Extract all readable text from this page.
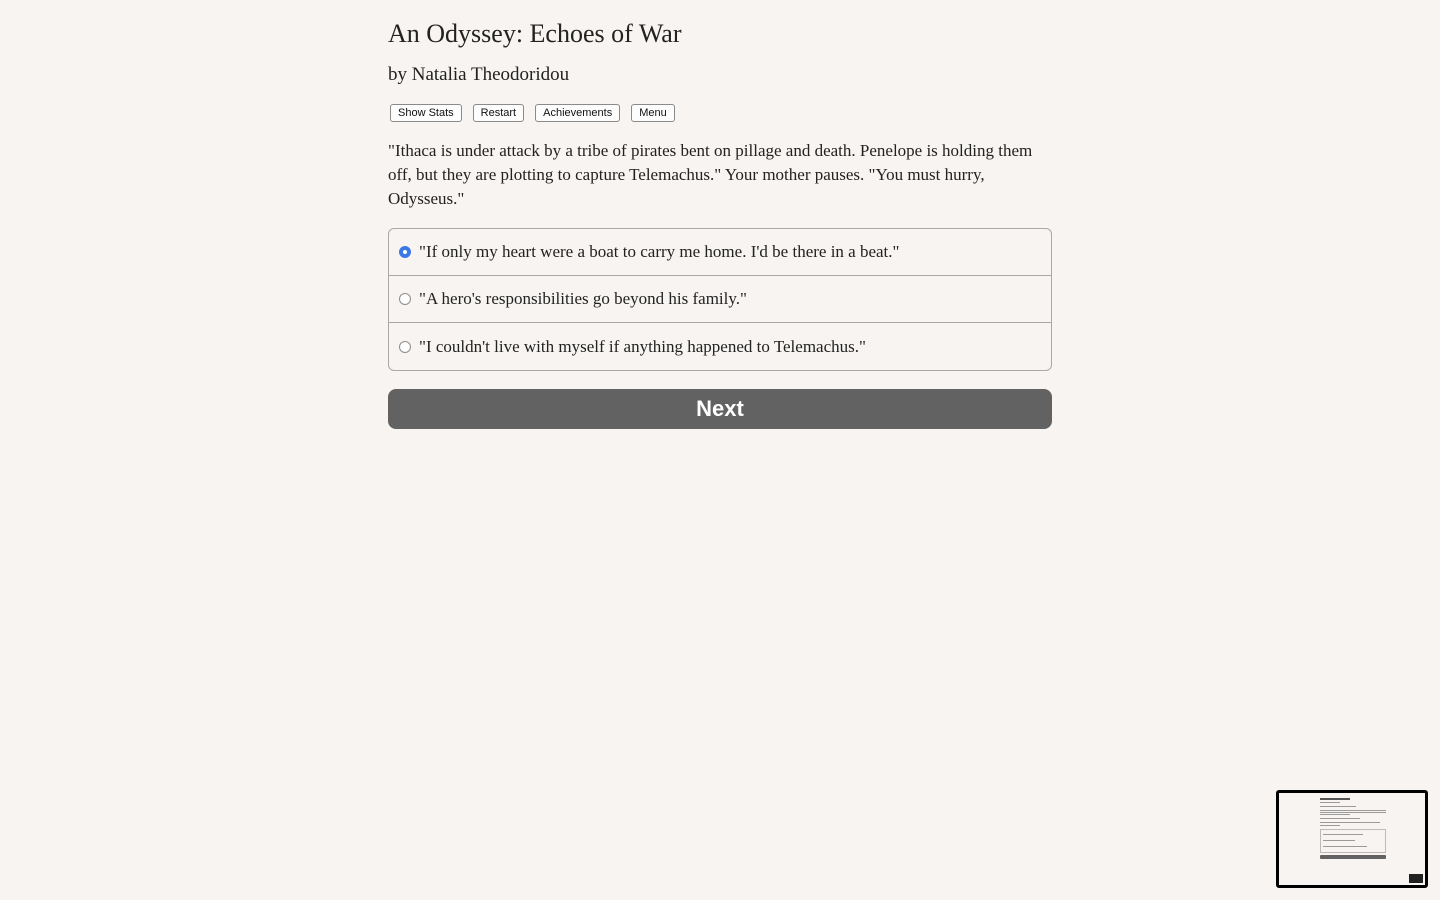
An Odyssey: Echoes of War

by Natalia Theodoridou

Show Stats	Restart	Achievements	Menu

"Ithaca is under attack by a tribe of pirates bent on pillage and death. Penelope is holding them off, but they are plotting to capture Telemachus." Your mother pauses. "You must hurry, Odysseus."

"If only my heart were a boat to carry me home. I'd be there in a beat."
"A hero's responsibilities go beyond his family."
"I couldn't live with myself if anything happened to Telemachus."
Next
